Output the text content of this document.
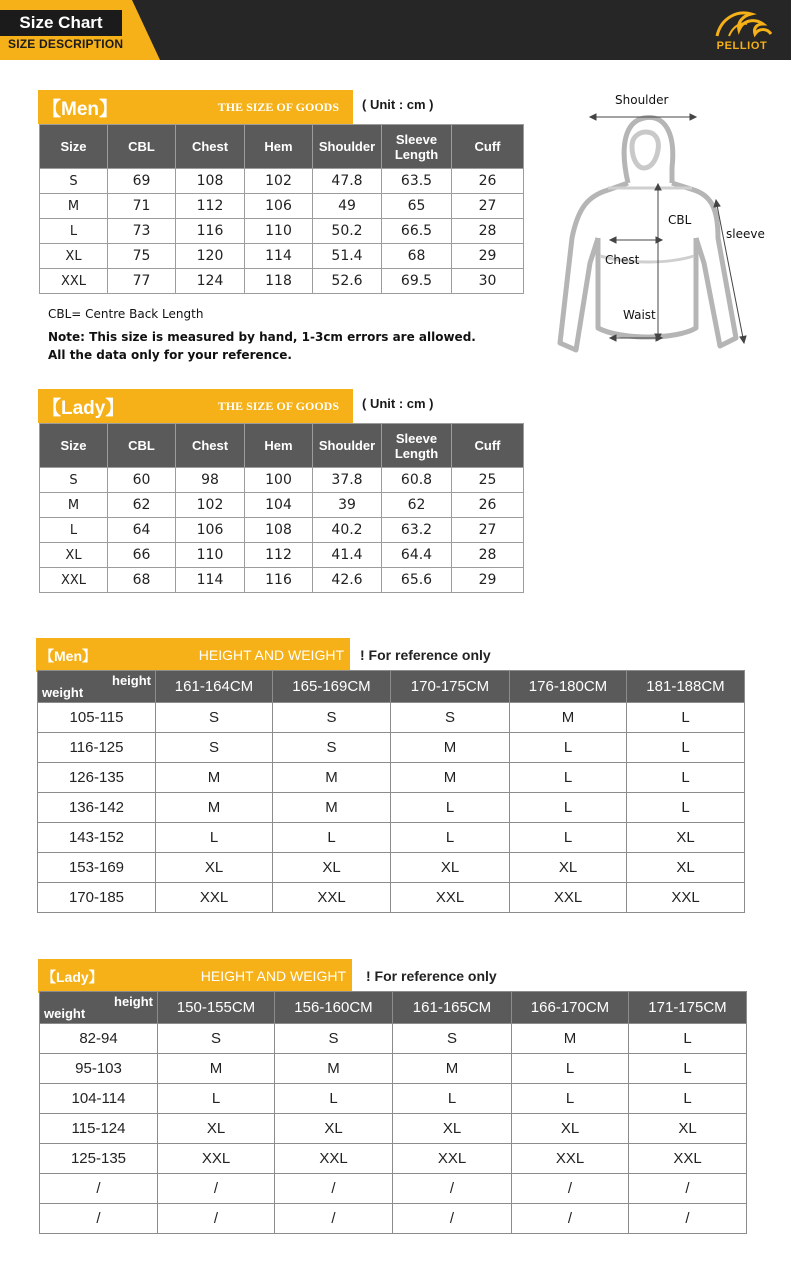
Size Chart
SIZE DESCRIPTION	PELLIOT
【Men】	THE SIZE OF GOODS ( Unit : cm )
Size	CBL	Chest	Hem	Shoulder	Sleeve Length	Cuff
S	69	108	102	47.8	63.5	26
M	71	112	106	49	65	27
L	73	116	110	50.2	66.5	28
XL	75	120	114	51.4	68	29
XXL	77	124	118	52.6	69.5	30
CBL= Centre Back Length
Note: This size is measured by hand, 1-3cm errors are allowed.
All the data only for your reference.
Shoulder
CBL
sleeve
Chest
Waist
【Lady】	THE SIZE OF GOODS ( Unit : cm )
Size	CBL	Chest	Hem	Shoulder	Sleeve Length	Cuff
S	60	98	100	37.8	60.8	25
M	62	102	104	39	62	26
L	64	106	108	40.2	63.2	27
XL	66	110	112	41.4	64.4	28
XXL	68	114	116	42.6	65.6	29
【Men】	HEIGHT AND WEIGHT ! For reference only
height
weight	161-164CM	165-169CM	170-175CM	176-180CM	181-188CM
105-115	S	S	S	M	L
116-125	S	S	M	L	L
126-135	M	M	M	L	L
136-142	M	M	L	L	L
143-152	L	L	L	L	XL
153-169	XL	XL	XL	XL	XL
170-185	XXL	XXL	XXL	XXL	XXL
【Lady】	HEIGHT AND WEIGHT ! For reference only
height
weight	150-155CM	156-160CM	161-165CM	166-170CM	171-175CM
82-94	S	S	S	M	L
95-103	M	M	M	L	L
104-114	L	L	L	L	L
115-124	XL	XL	XL	XL	XL
125-135	XXL	XXL	XXL	XXL	XXL
/	/	/	/	/	/
/	/	/	/	/	/
